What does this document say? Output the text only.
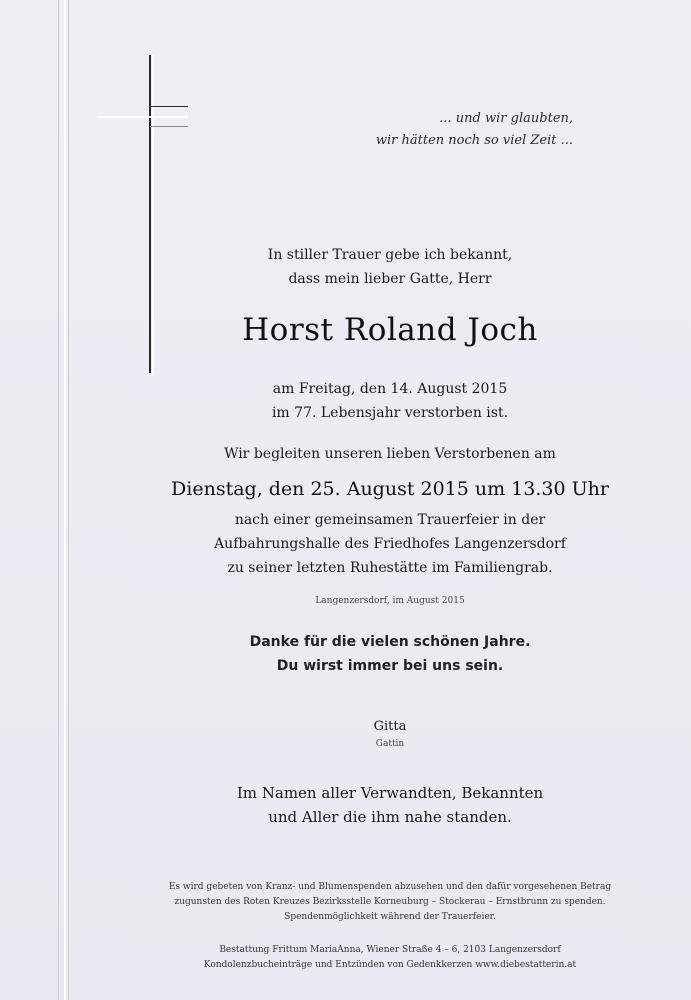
... und wir glaubten,
wir hätten noch so viel Zeit ...
In stiller Trauer gebe ich bekannt,
dass mein lieber Gatte, Herr
Horst Roland Joch
am Freitag, den 14. August 2015
im 77. Lebensjahr verstorben ist.
Wir begleiten unseren lieben Verstorbenen am
Dienstag, den 25. August 2015 um 13.30 Uhr
nach einer gemeinsamen Trauerfeier in der
Aufbahrungshalle des Friedhofes Langenzersdorf
zu seiner letzten Ruhestätte im Familiengrab.
Langenzersdorf, im August 2015
Danke für die vielen schönen Jahre.
Du wirst immer bei uns sein.
Gitta
Gattin
Im Namen aller Verwandten, Bekannten
und Aller die ihm nahe standen.
Es wird gebeten von Kranz- und Blumenspenden abzusehen und den dafür vorgesehenen Betrag
zugunsten des Roten Kreuzes Bezirksstelle Korneuburg – Stockerau – Ernstbrunn zu spenden.
Spendenmöglichkeit während der Trauerfeier.
Bestattung Frittum MariaAnna, Wiener Straße 4 – 6, 2103 Langenzersdorf
Kondolenzbucheinträge und Entzünden von Gedenkkerzen www.diebestatterin.at
